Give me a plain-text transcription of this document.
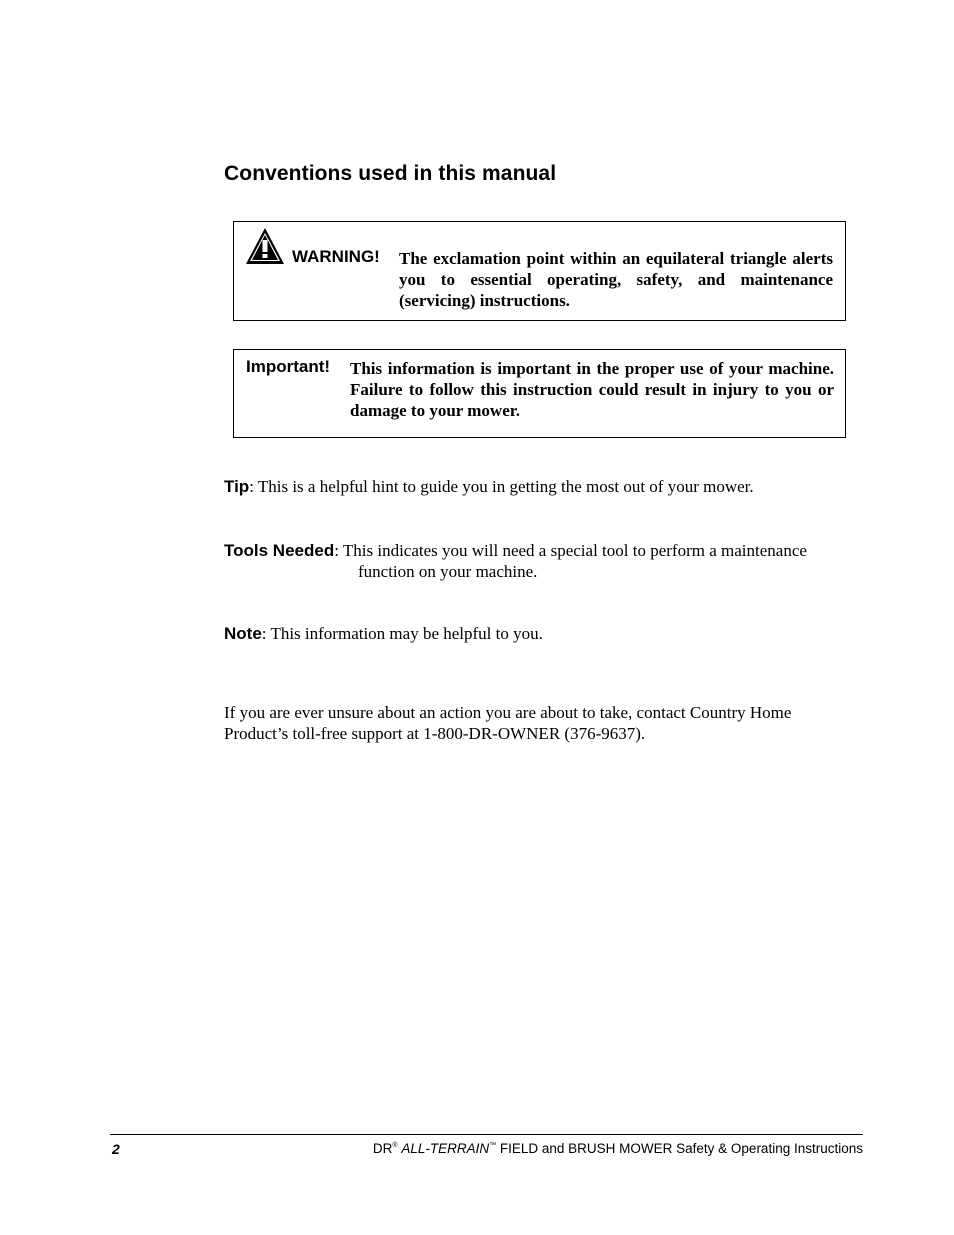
Conventions used in this manual
WARNING! The exclamation point within an equilateral triangle alerts you to essential operating, safety, and maintenance (servicing) instructions.
Important! This information is important in the proper use of your machine. Failure to follow this instruction could result in injury to you or damage to your mower.
Tip: This is a helpful hint to guide you in getting the most out of your mower.
Tools Needed: This indicates you will need a special tool to perform a maintenance
function on your machine.
Note: This information may be helpful to you.
If you are ever unsure about an action you are about to take, contact Country Home Product’s toll-free support at 1-800-DR-OWNER (376-9637).
2	DR® ALL-TERRAIN™ FIELD and BRUSH MOWER Safety & Operating Instructions
